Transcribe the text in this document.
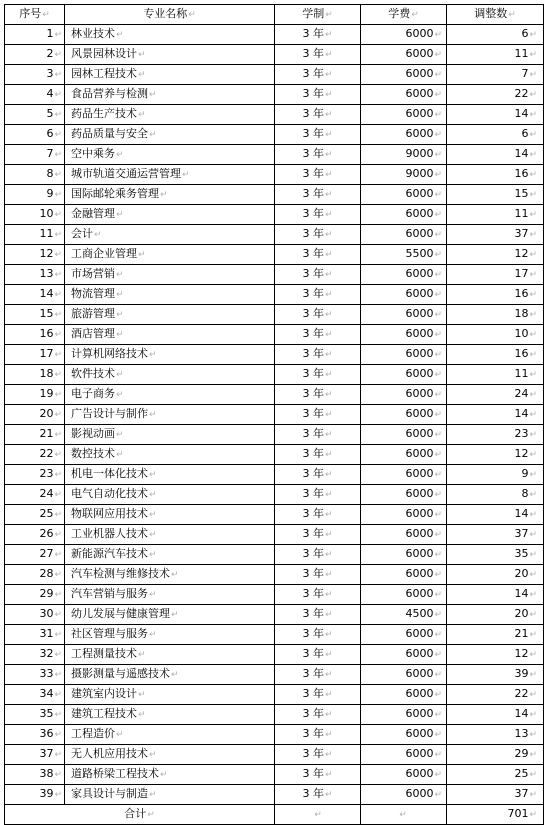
序号↵	专业名称↵	学制↵	学费↵	调整数↵
1↵	林业技术↵	3 年↵	6000↵	6↵
2↵	风景园林设计↵	3 年↵	6000↵	11↵
3↵	园林工程技术↵	3 年↵	6000↵	7↵
4↵	食品营养与检测↵	3 年↵	6000↵	22↵
5↵	药品生产技术↵	3 年↵	6000↵	14↵
6↵	药品质量与安全↵	3 年↵	6000↵	6↵
7↵	空中乘务↵	3 年↵	9000↵	14↵
8↵	城市轨道交通运营管理↵	3 年↵	9000↵	16↵
9↵	国际邮轮乘务管理↵	3 年↵	6000↵	15↵
10↵	金融管理↵	3 年↵	6000↵	11↵
11↵	会计↵	3 年↵	6000↵	37↵
12↵	工商企业管理↵	3 年↵	5500↵	12↵
13↵	市场营销↵	3 年↵	6000↵	17↵
14↵	物流管理↵	3 年↵	6000↵	16↵
15↵	旅游管理↵	3 年↵	6000↵	18↵
16↵	酒店管理↵	3 年↵	6000↵	10↵
17↵	计算机网络技术↵	3 年↵	6000↵	16↵
18↵	软件技术↵	3 年↵	6000↵	11↵
19↵	电子商务↵	3 年↵	6000↵	24↵
20↵	广告设计与制作↵	3 年↵	6000↵	14↵
21↵	影视动画↵	3 年↵	6000↵	23↵
22↵	数控技术↵	3 年↵	6000↵	12↵
23↵	机电一体化技术↵	3 年↵	6000↵	9↵
24↵	电气自动化技术↵	3 年↵	6000↵	8↵
25↵	物联网应用技术↵	3 年↵	6000↵	14↵
26↵	工业机器人技术↵	3 年↵	6000↵	37↵
27↵	新能源汽车技术↵	3 年↵	6000↵	35↵
28↵	汽车检测与维修技术↵	3 年↵	6000↵	20↵
29↵	汽车营销与服务↵	3 年↵	6000↵	14↵
30↵	幼儿发展与健康管理↵	3 年↵	4500↵	20↵
31↵	社区管理与服务↵	3 年↵	6000↵	21↵
32↵	工程测量技术↵	3 年↵	6000↵	12↵
33↵	摄影测量与遥感技术↵	3 年↵	6000↵	39↵
34↵	建筑室内设计↵	3 年↵	6000↵	22↵
35↵	建筑工程技术↵	3 年↵	6000↵	14↵
36↵	工程造价↵	3 年↵	6000↵	13↵
37↵	无人机应用技术↵	3 年↵	6000↵	29↵
38↵	道路桥梁工程技术↵	3 年↵	6000↵	25↵
39↵	家具设计与制造↵	3 年↵	6000↵	37↵
合计↵		↵	↵	701↵
